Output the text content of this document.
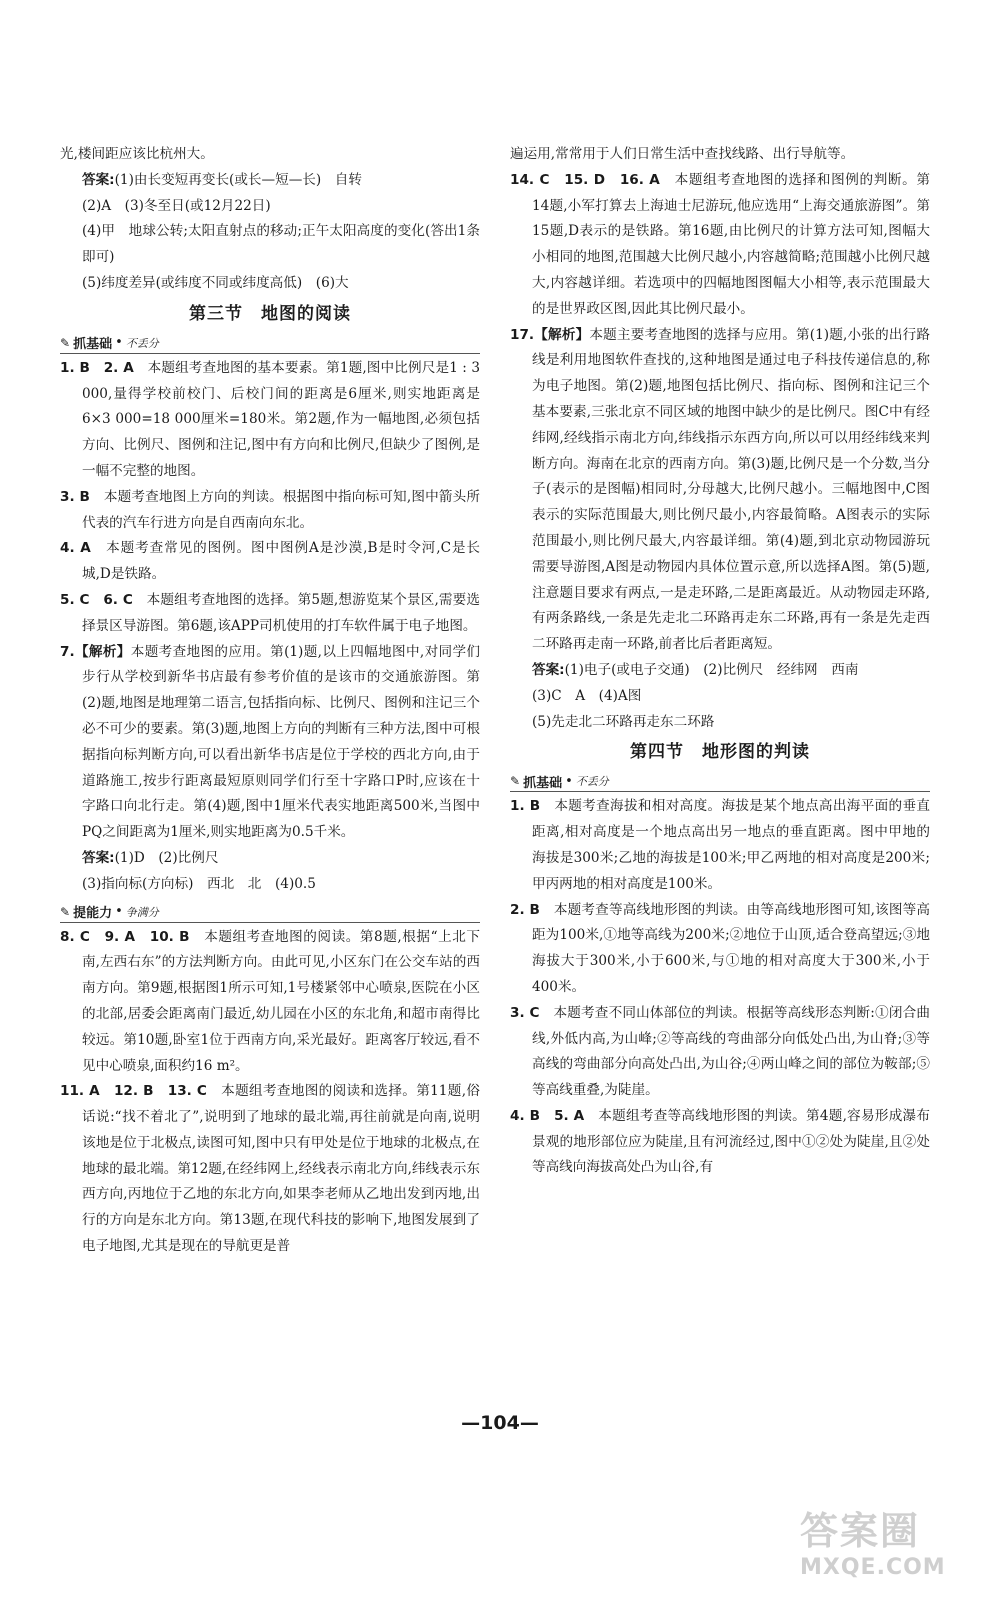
光,楼间距应该比杭州大。

答案:(1)由长变短再变长(或长—短—长)　自转

(2)A　(3)冬至日(或12月22日)

(4)甲　地球公转;太阳直射点的移动;正午太阳高度的变化(答出1条即可)

(5)纬度差异(或纬度不同或纬度高低)　(6)大

第三节　地图的阅读
✎ 抓基础 • 不丢分

1. B　2. A　本题组考查地图的基本要素。第1题,图中比例尺是1 : 3 000,量得学校前校门、后校门间的距离是6厘米,则实地距离是6×3 000=18 000厘米=180米。第2题,作为一幅地图,必须包括方向、比例尺、图例和注记,图中有方向和比例尺,但缺少了图例,是一幅不完整的地图。

3. B　本题考查地图上方向的判读。根据图中指向标可知,图中箭头所代表的汽车行进方向是自西南向东北。

4. A　本题考查常见的图例。图中图例A是沙漠,B是时令河,C是长城,D是铁路。

5. C　6. C　本题组考查地图的选择。第5题,想游览某个景区,需要选择景区导游图。第6题,该APP司机使用的打车软件属于电子地图。

7.【解析】本题考查地图的应用。第(1)题,以上四幅地图中,对同学们步行从学校到新华书店最有参考价值的是该市的交通旅游图。第(2)题,地图是地理第二语言,包括指向标、比例尺、图例和注记三个必不可少的要素。第(3)题,地图上方向的判断有三种方法,图中可根据指向标判断方向,可以看出新华书店是位于学校的西北方向,由于道路施工,按步行距离最短原则同学们行至十字路口P时,应该在十字路口向北行走。第(4)题,图中1厘米代表实地距离500米,当图中PQ之间距离为1厘米,则实地距离为0.5千米。

答案:(1)D　(2)比例尺

(3)指向标(方向标)　西北　北　(4)0.5

✎ 提能力 • 争满分

8. C　9. A　10. B　本题组考查地图的阅读。第8题,根据“上北下南,左西右东”的方法判断方向。由此可见,小区东门在公交车站的西南方向。第9题,根据图1所示可知,1号楼紧邻中心喷泉,医院在小区的北部,居委会距离南门最近,幼儿园在小区的东北角,和超市南得比较远。第10题,卧室1位于西南方向,采光最好。距离客厅较远,看不见中心喷泉,面积约16 m²。

11. A　12. B　13. C　本题组考查地图的阅读和选择。第11题,俗话说:“找不着北了”,说明到了地球的最北端,再往前就是向南,说明该地是位于北极点,读图可知,图中只有甲处是位于地球的北极点,在地球的最北端。第12题,在经纬网上,经线表示南北方向,纬线表示东西方向,丙地位于乙地的东北方向,如果李老师从乙地出发到丙地,出行的方向是东北方向。第13题,在现代科技的影响下,地图发展到了电子地图,尤其是现在的导航更是普

遍运用,常常用于人们日常生活中查找线路、出行导航等。

14. C　15. D　16. A　本题组考查地图的选择和图例的判断。第14题,小军打算去上海迪士尼游玩,他应选用“上海交通旅游图”。第15题,D表示的是铁路。第16题,由比例尺的计算方法可知,图幅大小相同的地图,范围越大比例尺越小,内容越简略;范围越小比例尺越大,内容越详细。若选项中的四幅地图图幅大小相等,表示范围最大的是世界政区图,因此其比例尺最小。

17.【解析】本题主要考查地图的选择与应用。第(1)题,小张的出行路线是利用地图软件查找的,这种地图是通过电子科技传递信息的,称为电子地图。第(2)题,地图包括比例尺、指向标、图例和注记三个基本要素,三张北京不同区域的地图中缺少的是比例尺。图C中有经纬网,经线指示南北方向,纬线指示东西方向,所以可以用经纬线来判断方向。海南在北京的西南方向。第(3)题,比例尺是一个分数,当分子(表示的是图幅)相同时,分母越大,比例尺越小。三幅地图中,C图表示的实际范围最大,则比例尺最小,内容最简略。A图表示的实际范围最小,则比例尺最大,内容最详细。第(4)题,到北京动物园游玩需要导游图,A图是动物园内具体位置示意,所以选择A图。第(5)题,注意题目要求有两点,一是走环路,二是距离最近。从动物园走环路,有两条路线,一条是先走北二环路再走东二环路,再有一条是先走西二环路再走南一环路,前者比后者距离短。

答案:(1)电子(或电子交通)　(2)比例尺　经纬网　西南

(3)C　A　(4)A图

(5)先走北二环路再走东二环路

第四节　地形图的判读
✎ 抓基础 • 不丢分

1. B　本题考查海拔和相对高度。海拔是某个地点高出海平面的垂直距离,相对高度是一个地点高出另一地点的垂直距离。图中甲地的海拔是300米;乙地的海拔是100米;甲乙两地的相对高度是200米;甲丙两地的相对高度是100米。

2. B　本题考查等高线地形图的判读。由等高线地形图可知,该图等高距为100米,①地等高线为200米;②地位于山顶,适合登高望远;③地海拔大于300米,小于600米,与①地的相对高度大于300米,小于400米。

3. C　本题考查不同山体部位的判读。根据等高线形态判断:①闭合曲线,外低内高,为山峰;②等高线的弯曲部分向低处凸出,为山脊;③等高线的弯曲部分向高处凸出,为山谷;④两山峰之间的部位为鞍部;⑤等高线重叠,为陡崖。

4. B　5. A　本题组考查等高线地形图的判读。第4题,容易形成瀑布景观的地形部位应为陡崖,且有河流经过,图中①②处为陡崖,且②处等高线向海拔高处凸为山谷,有

—104—
答案圈
MXQE.COM
